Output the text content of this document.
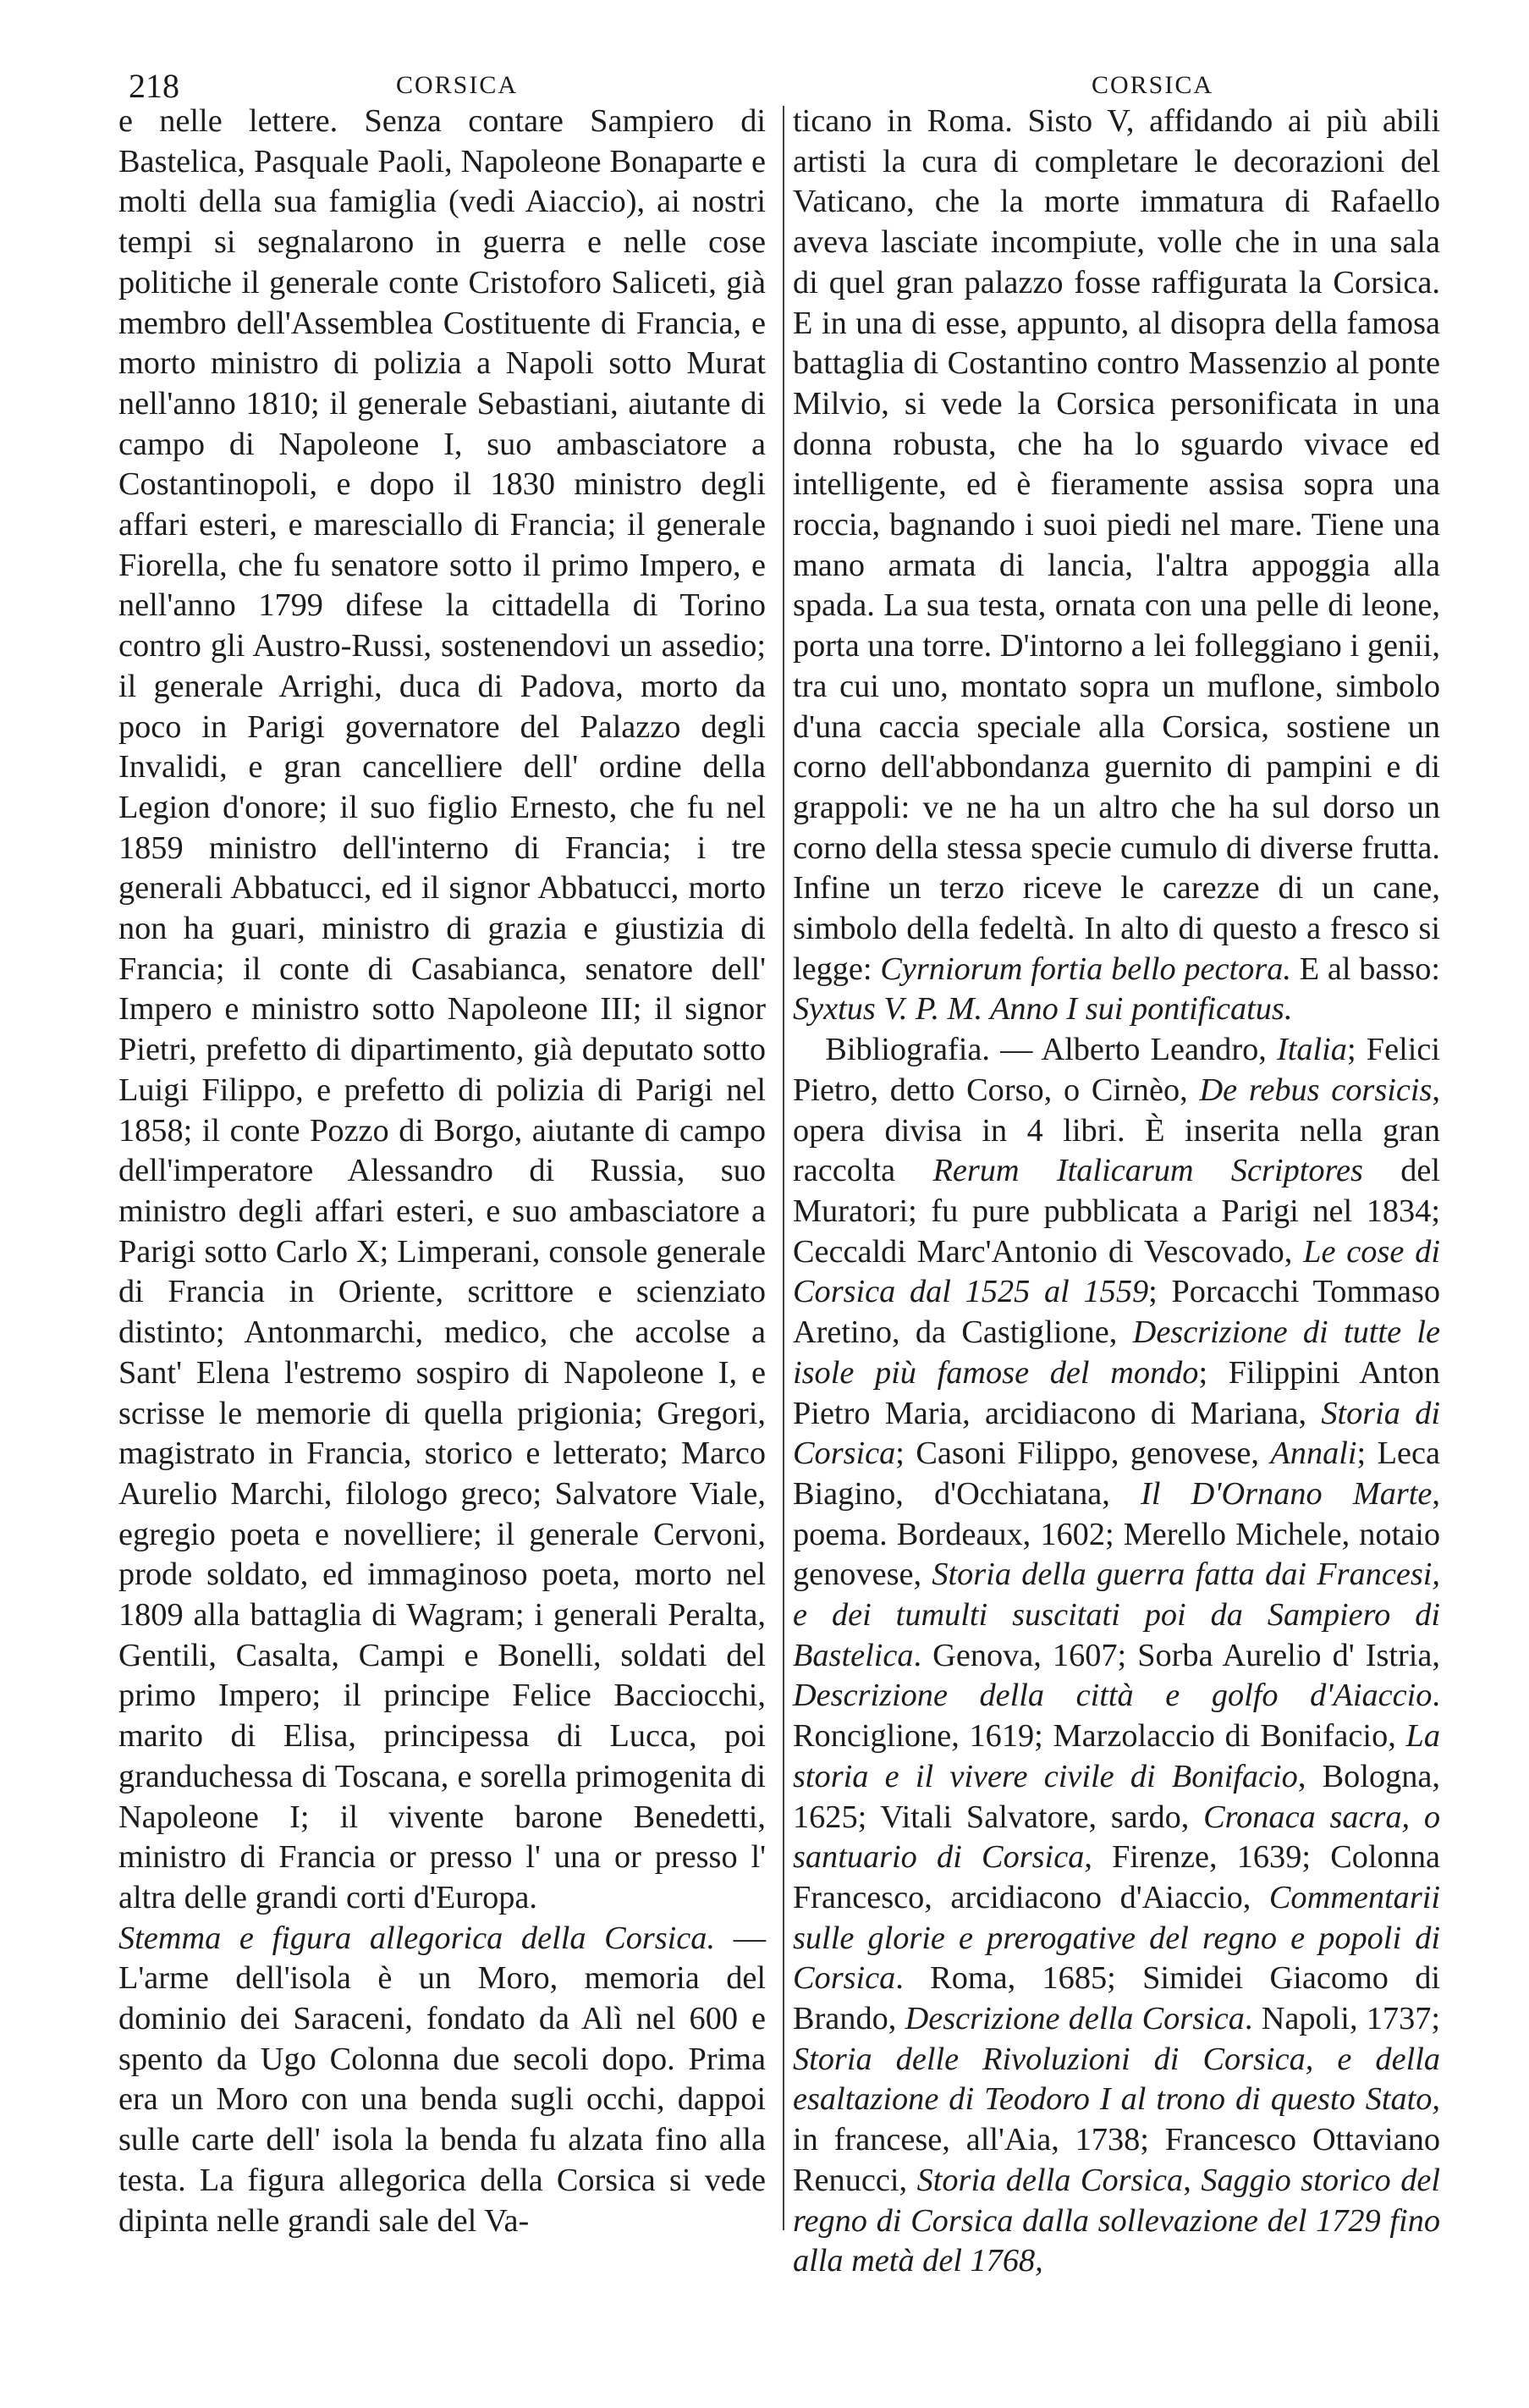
218	CORSICA	CORSICA

e nelle lettere. Senza contare Sampiero di Bastelica, Pasquale Paoli, Napoleone Bonaparte e molti della sua famiglia (vedi Aiaccio), ai nostri tempi si segnalarono in guerra e nelle cose politiche il generale conte Cristoforo Saliceti, già membro dell'Assemblea Costituente di Francia, e morto ministro di polizia a Napoli sotto Murat nell'anno 1810; il generale Sebastiani, aiutante di campo di Napoleone I, suo ambasciatore a Costantinopoli, e dopo il 1830 ministro degli affari esteri, e maresciallo di Francia; il generale Fiorella, che fu senatore sotto il primo Impero, e nell'anno 1799 difese la cittadella di Torino contro gli Austro-Russi, sostenendovi un assedio; il generale Arrighi, duca di Padova, morto da poco in Parigi governatore del Palazzo degli Invalidi, e gran cancelliere dell' ordine della Legion d'onore; il suo figlio Ernesto, che fu nel 1859 ministro dell'interno di Francia; i tre generali Abbatucci, ed il signor Abbatucci, morto non ha guari, ministro di grazia e giustizia di Francia; il conte di Casabianca, senatore dell' Impero e ministro sotto Napoleone III; il signor Pietri, prefetto di dipartimento, già deputato sotto Luigi Filippo, e prefetto di polizia di Parigi nel 1858; il conte Pozzo di Borgo, aiutante di campo dell'imperatore Alessandro di Russia, suo ministro degli affari esteri, e suo ambasciatore a Parigi sotto Carlo X; Limperani, console generale di Francia in Oriente, scrittore e scienziato distinto; Antonmarchi, medico, che accolse a Sant' Elena l'estremo sospiro di Napoleone I, e scrisse le memorie di quella prigionia; Gregori, magistrato in Francia, storico e letterato; Marco Aurelio Marchi, filologo greco; Salvatore Viale, egregio poeta e novelliere; il generale Cervoni, prode soldato, ed immaginoso poeta, morto nel 1809 alla battaglia di Wagram; i generali Peralta, Gentili, Casalta, Campi e Bonelli, soldati del primo Impero; il principe Felice Bacciocchi, marito di Elisa, principessa di Lucca, poi granduchessa di Toscana, e sorella primogenita di Napoleone I; il vivente barone Benedetti, ministro di Francia or presso l' una or presso l' altra delle grandi corti d'Europa.

Stemma e figura allegorica della Corsica. — L'arme dell'isola è un Moro, memoria del dominio dei Saraceni, fondato da Alì nel 600 e spento da Ugo Colonna due secoli dopo. Prima era un Moro con una benda sugli occhi, dappoi sulle carte dell' isola la benda fu alzata fino alla testa. La figura allegorica della Corsica si vede dipinta nelle grandi sale del Va-

ticano in Roma. Sisto V, affidando ai più abili artisti la cura di completare le decorazioni del Vaticano, che la morte immatura di Rafaello aveva lasciate incompiute, volle che in una sala di quel gran palazzo fosse raffigurata la Corsica. E in una di esse, appunto, al disopra della famosa battaglia di Costantino contro Massenzio al ponte Milvio, si vede la Corsica personificata in una donna robusta, che ha lo sguardo vivace ed intelligente, ed è fieramente assisa sopra una roccia, bagnando i suoi piedi nel mare. Tiene una mano armata di lancia, l'altra appoggia alla spada. La sua testa, ornata con una pelle di leone, porta una torre. D'intorno a lei folleggiano i genii, tra cui uno, montato sopra un muflone, simbolo d'una caccia speciale alla Corsica, sostiene un corno dell'abbondanza guernito di pampini e di grappoli: ve ne ha un altro che ha sul dorso un corno della stessa specie cumulo di diverse frutta. Infine un terzo riceve le carezze di un cane, simbolo della fedeltà. In alto di questo a fresco si legge: Cyrniorum fortia bello pectora. E al basso: Syxtus V. P. M. Anno I sui pontificatus.

 Bibliografia. — Alberto Leandro, Italia; Felici Pietro, detto Corso, o Cirnèo, De rebus corsicis, opera divisa in 4 libri. È inserita nella gran raccolta Rerum Italicarum Scriptores del Muratori; fu pure pubblicata a Parigi nel 1834; Ceccaldi Marc'Antonio di Vescovado, Le cose di Corsica dal 1525 al 1559; Porcacchi Tommaso Aretino, da Castiglione, Descrizione di tutte le isole più famose del mondo; Filippini Anton Pietro Maria, arcidiacono di Mariana, Storia di Corsica; Casoni Filippo, genovese, Annali; Leca Biagino, d'Occhiatana, Il D'Ornano Marte, poema. Bordeaux, 1602; Merello Michele, notaio genovese, Storia della guerra fatta dai Francesi, e dei tumulti suscitati poi da Sampiero di Bastelica. Genova, 1607; Sorba Aurelio d' Istria, Descrizione della città e golfo d'Aiaccio. Ronciglione, 1619; Marzolaccio di Bonifacio, La storia e il vivere civile di Bonifacio, Bologna, 1625; Vitali Salvatore, sardo, Cronaca sacra, o santuario di Corsica, Firenze, 1639; Colonna Francesco, arcidiacono d'Aiaccio, Commentarii sulle glorie e prerogative del regno e popoli di Corsica. Roma, 1685; Simidei Giacomo di Brando, Descrizione della Corsica. Napoli, 1737; Storia delle Rivoluzioni di Corsica, e della esaltazione di Teodoro I al trono di questo Stato, in francese, all'Aia, 1738; Francesco Ottaviano Renucci, Storia della Corsica, Saggio storico del regno di Corsica dalla sollevazione del 1729 fino alla metà del 1768,
